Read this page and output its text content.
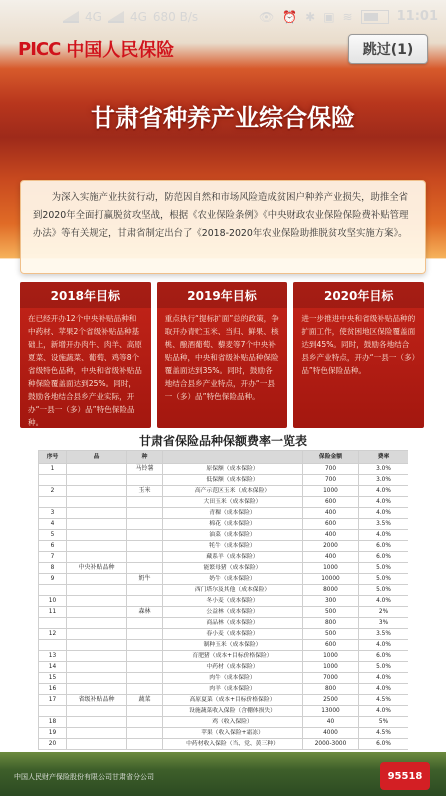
4G 4G 680 B/s	👁 ⏰ ✱ ▣ ≋	11:01
PICC 中国人民保险	跳过(1)
甘肃省种养产业综合保险
为深入实施产业扶贫行动，防范因自然和市场风险造成贫困户种养产业损失，助推全省到2020年全面打赢脱贫攻坚战，根据《农业保险条例》《中央财政农业保险保险费补贴管理办法》等有关规定，甘肃省制定出台了《2018-2020年农业保险助推脱贫攻坚实施方案》。
2018年目标
在已经开办12个中央补贴品种和中药材、苹果2个省级补贴品种基础上，新增开办肉牛、肉羊、高原夏菜、设施蔬菜、葡萄、鸡等8个省级特色品种，中央和省级补贴品种保险覆盖面达到25%。同时，鼓励各地结合县乡产业实际，开办“一县一（多）品”特色保险品种。
2019年目标
重点执行“提标扩面”总的政策，争取开办青贮玉米、当归、鲜果、核桃、酿酒葡萄、藜麦等7个中央补贴品种，中央和省级补贴品种保险覆盖面达到35%。同时，鼓励各地结合县乡产业特点，开办“一县一（多）品”特色保险品种。
2020年目标
进一步推进中央和省级补贴品种的扩面工作，使贫困地区保险覆盖面达到45%。同时，鼓励各地结合县乡产业特点，开办“一县一（多）品”特色保险品种。
甘肃省保险品种保额费率一览表
序号	品	种		保险金额	费率
1		马铃薯	原保额（成本保险）	700	3.0%
			低保额（成本保险）	700	3.0%
2		玉米	高产示范区玉米（成本保险）	1000	4.0%
			大田玉米（成本保险）	600	4.0%
3			青稞（成本保险）	400	4.0%
4			棉花（成本保险）	600	3.5%
5			油菜（成本保险）	400	4.0%
6			牦牛（成本保险）	2000	6.0%
7			藏系羊（成本保险）	400	6.0%
8	中央补贴品种		能繁母猪（成本保险）	1000	5.0%
9		奶牛	奶牛（成本保险）	10000	5.0%
			西门塔尔及其他（成本保险）	8000	5.0%
10			冬小麦（成本保险）	300	4.0%
11		森林	公益林（成本保险）	500	2%
			商品林（成本保险）	800	3%
12			春小麦（成本保险）	500	3.5%
			制种玉米（成本保险）	600	4.0%
13			育肥猪（成本+目标价格保险）	1000	6.0%
14			中药材（成本保险）	1000	5.0%
15			肉牛（成本保险）	7000	4.0%
16			肉羊（成本保险）	800	4.0%
17	省级补贴品种	蔬菜	高原夏菜（成本+目标价格保险）	2500	4.5%
			设施蔬菜收入保险（含棚体损失）	13000	4.0%
18			鸡（收入保险）	40	5%
19			苹果（收入保险+霜冻）	4000	4.5%
20			中药材收入保险（当、党、黄三种）	2000-3000	6.0%
中国人民财产保险股份有限公司甘肃省分公司	95518
